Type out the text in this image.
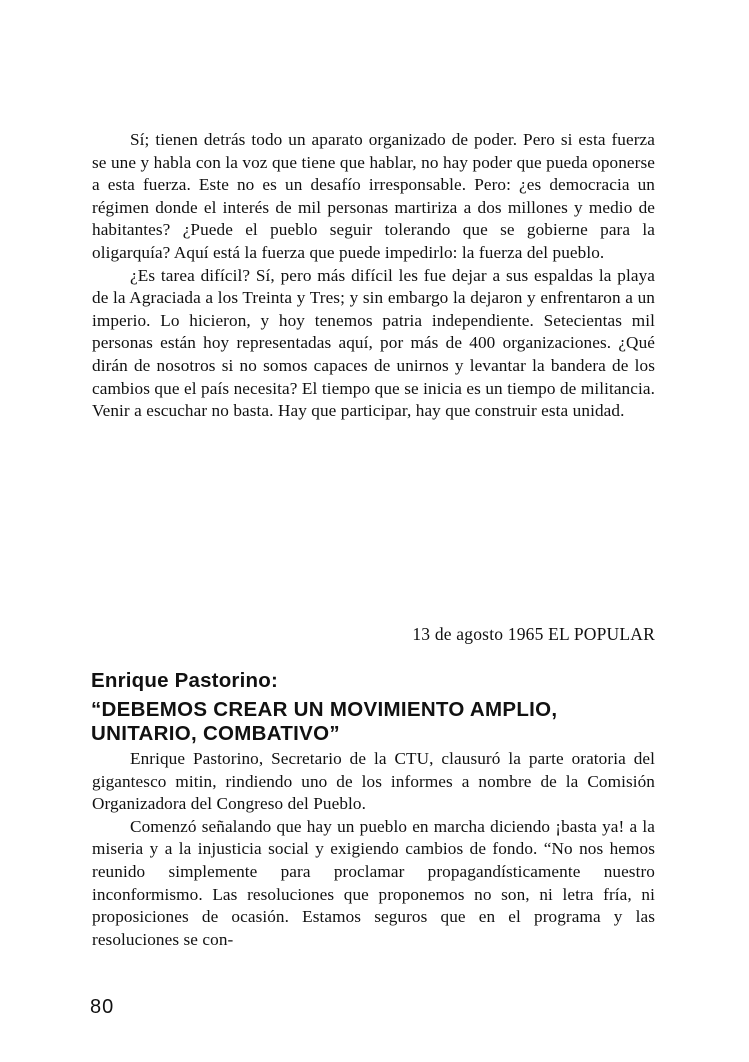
Sí; tienen detrás todo un aparato organizado de poder. Pero si esta fuerza se une y habla con la voz que tiene que hablar, no hay poder que pueda oponerse a esta fuerza. Este no es un desafío irresponsable. Pero: ¿es democracia un régimen donde el interés de mil personas martiriza a dos millones y medio de habitantes? ¿Puede el pueblo seguir tolerando que se gobierne para la oligarquía? Aquí está la fuerza que puede impedirlo: la fuerza del pueblo.

¿Es tarea difícil? Sí, pero más difícil les fue dejar a sus espaldas la playa de la Agraciada a los Treinta y Tres; y sin embargo la dejaron y enfrentaron a un imperio. Lo hicieron, y hoy tenemos patria independiente. Setecientas mil personas están hoy representadas aquí, por más de 400 organizaciones. ¿Qué dirán de nosotros si no somos capaces de unirnos y levantar la bandera de los cambios que el país necesita? El tiempo que se inicia es un tiempo de militancia. Venir a escuchar no basta. Hay que participar, hay que construir esta unidad.

13 de agosto 1965 EL POPULAR
Enrique Pastorino:
“DEBEMOS CREAR UN MOVIMIENTO AMPLIO, UNITARIO, COMBATIVO”

Enrique Pastorino, Secretario de la CTU, clausuró la parte oratoria del gigantesco mitin, rindiendo uno de los informes a nombre de la Comisión Organizadora del Congreso del Pueblo.

Comenzó señalando que hay un pueblo en marcha diciendo ¡basta ya! a la miseria y a la injusticia social y exigiendo cambios de fondo. “No nos hemos reunido simplemente para proclamar propagandísticamente nuestro inconformismo. Las resoluciones que proponemos no son, ni letra fría, ni proposiciones de ocasión. Estamos seguros que en el programa y las resoluciones se con-

80
